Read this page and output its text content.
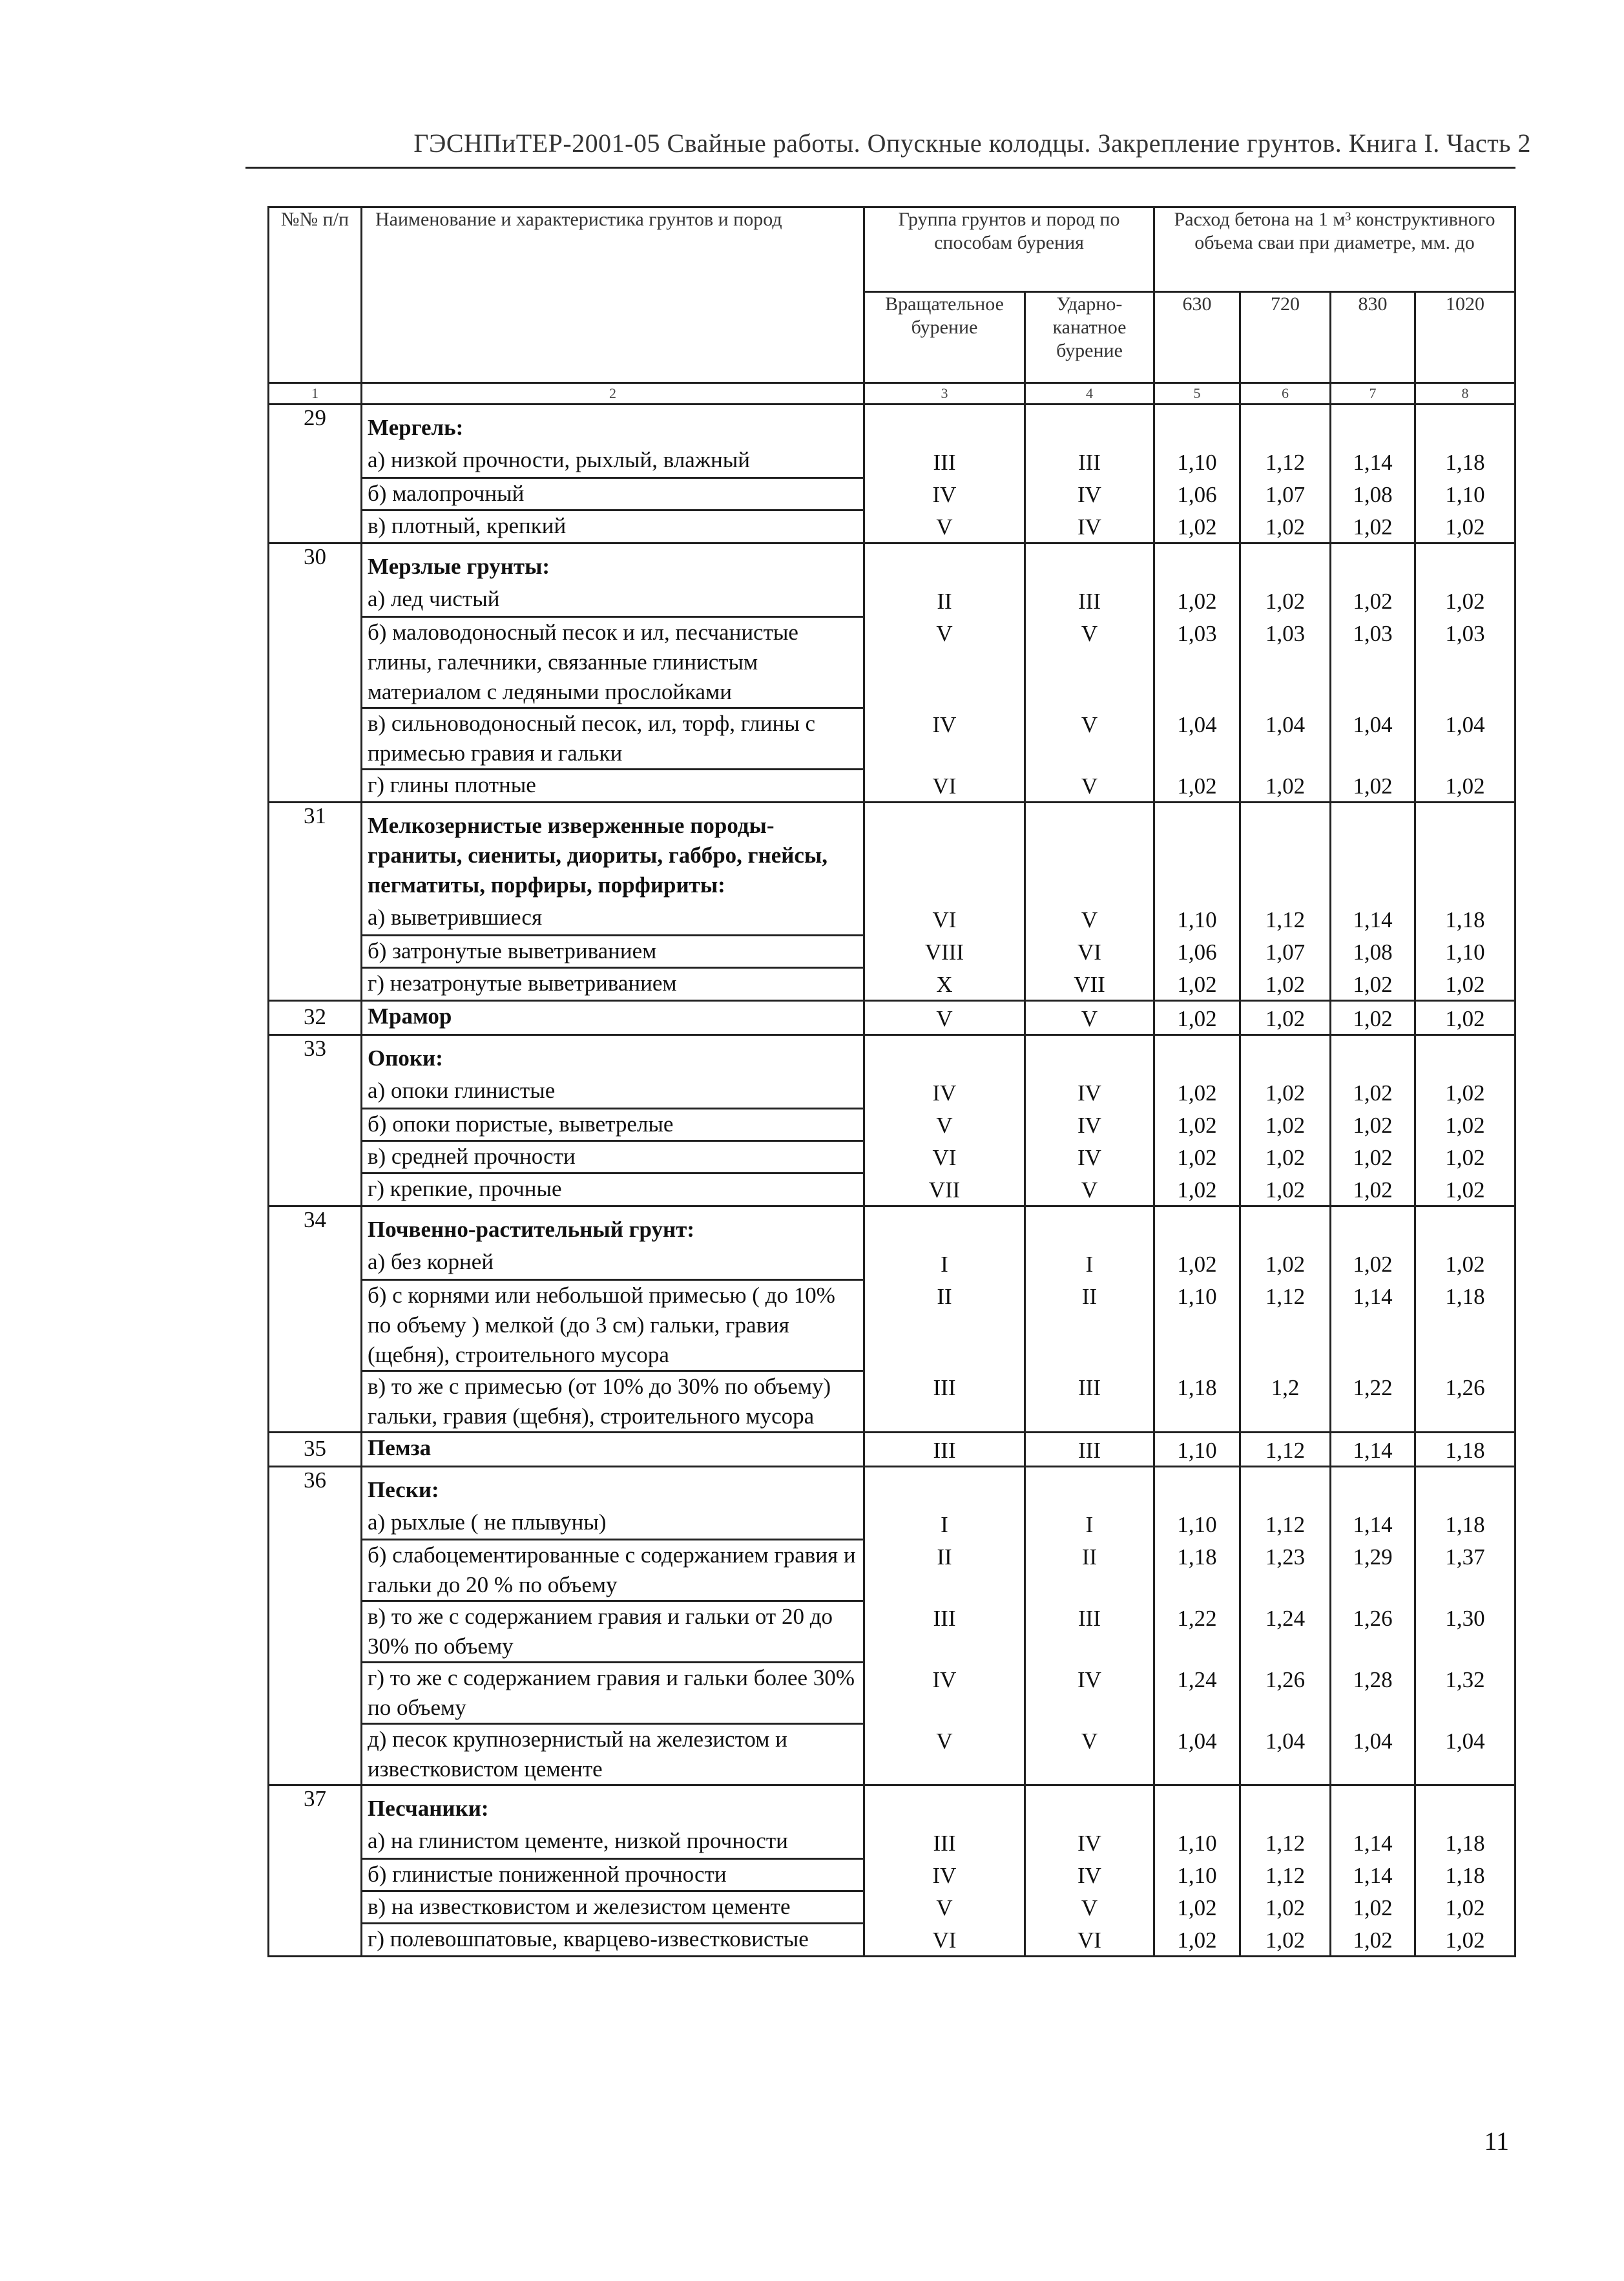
ГЭСНПиТЕР-2001-05 Свайные работы. Опускные колодцы. Закрепление грунтов. Книга I. Часть 2
№№ п/п	Наименование и характеристика грунтов и пород	Группа грунтов и пород по способам бурения		Расход бетона на 1 м³ конструктивного объема сваи при диаметре, мм. до			
		Вращательное бурение	Ударно-канатное бурение	630	720	830	1020
1	2	3	4	5	6	7	8
29	Мергель:						
	а) низкой прочности, рыхлый, влажный	III	III	1,10	1,12	1,14	1,18
	б) малопрочный	IV	IV	1,06	1,07	1,08	1,10
	в) плотный, крепкий	V	IV	1,02	1,02	1,02	1,02
30	Мерзлые грунты:						
	а) лед чистый	II	III	1,02	1,02	1,02	1,02
	б) маловодоносный песок и ил, песчанистые глины, галечники, связанные глинистым материалом с ледяными прослойками	V	V	1,03	1,03	1,03	1,03
	в) сильноводоносный песок, ил, торф, глины с примесью гравия и гальки	IV	V	1,04	1,04	1,04	1,04
	г) глины плотные	VI	V	1,02	1,02	1,02	1,02
31	Мелкозернистые изверженные породы-граниты, сиениты, диориты, габбро, гнейсы, пегматиты, порфиры, порфириты:						
	а) выветрившиеся	VI	V	1,10	1,12	1,14	1,18
	б) затронутые выветриванием	VIII	VI	1,06	1,07	1,08	1,10
	г) незатронутые выветриванием	X	VII	1,02	1,02	1,02	1,02
32	Мрамор	V	V	1,02	1,02	1,02	1,02
33	Опоки:						
	а) опоки глинистые	IV	IV	1,02	1,02	1,02	1,02
	б) опоки пористые, выветрелые	V	IV	1,02	1,02	1,02	1,02
	в) средней прочности	VI	IV	1,02	1,02	1,02	1,02
	г) крепкие, прочные	VII	V	1,02	1,02	1,02	1,02
34	Почвенно-растительный грунт:						
	а) без корней	I	I	1,02	1,02	1,02	1,02
	б) с корнями или небольшой примесью ( до 10% по объему ) мелкой (до 3 см) гальки, гравия (щебня), строительного мусора	II	II	1,10	1,12	1,14	1,18
	в) то же с примесью (от 10% до 30% по объему) гальки, гравия (щебня), строительного мусора	III	III	1,18	1,2	1,22	1,26
35	Пемза	III	III	1,10	1,12	1,14	1,18
36	Пески:						
	а) рыхлые ( не плывуны)	I	I	1,10	1,12	1,14	1,18
	б) слабоцементированные с содержанием гравия и гальки до 20 % по объему	II	II	1,18	1,23	1,29	1,37
	в) то же с содержанием гравия и гальки от 20 до 30% по объему	III	III	1,22	1,24	1,26	1,30
	г) то же с содержанием гравия и гальки более 30% по объему	IV	IV	1,24	1,26	1,28	1,32
	д) песок крупнозернистый на железистом и известковистом цементе	V	V	1,04	1,04	1,04	1,04
37	Песчаники:						
	а) на глинистом цементе, низкой прочности	III	IV	1,10	1,12	1,14	1,18
	б) глинистые пониженной прочности	IV	IV	1,10	1,12	1,14	1,18
	в) на известковистом и железистом цементе	V	V	1,02	1,02	1,02	1,02
	г) полевошпатовые, кварцево-известковистые	VI	VI	1,02	1,02	1,02	1,02
11
